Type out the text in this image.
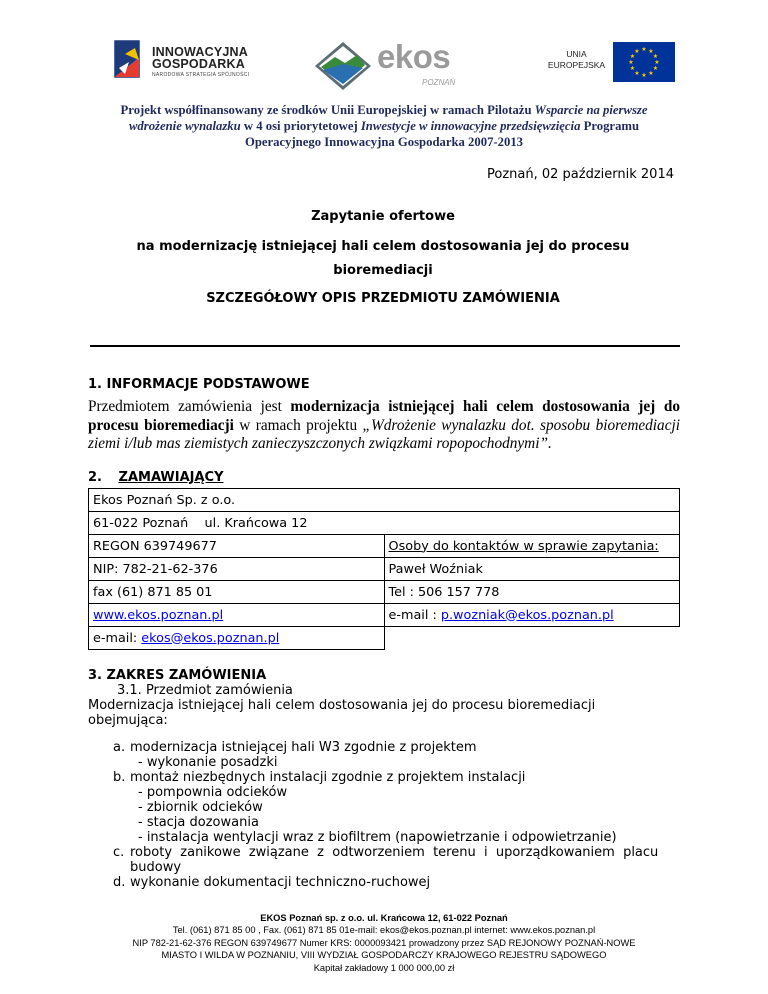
INNOWACYJNA
GOSPODARKA
NARODOWA STRATEGIA SPÓJNOŚCI	ekos
POZNAŃ
UNIA
EUROPEJSKA
★ ★
★
★
★
★
★
★
★
★
★
★
Projekt współfinansowany ze środków Unii Europejskiej w ramach Pilotażu Wsparcie na pierwsze
wdrożenie wynalazku w 4 osi priorytetowej Inwestycje w innowacyjne przedsięwzięcia Programu
Operacyjnego Innowacyjna Gospodarka 2007-2013
Poznań, 02 październik 2014
Zapytanie ofertowe
na modernizację istniejącej hali celem dostosowania jej do procesu
bioremediacji
SZCZEGÓŁOWY OPIS PRZEDMIOTU ZAMÓWIENIA
1. INFORMACJE PODSTAWOWE
Przedmiotem zamówienia jest modernizacja istniejącej hali celem dostosowania jej do procesu bioremediacji w ramach projektu „Wdrożenie wynalazku dot. sposobu bioremediacji ziemi i/lub mas ziemistych zanieczyszczonych związkami ropopochodnymi”.
2. ZAMAWIAJĄCY
Ekos Poznań Sp. z o.o.	
61-022 Poznań    ul. Krańcowa 12	
REGON 639749677	Osoby do kontaktów w sprawie zapytania:
NIP: 782-21-62-376	Paweł Woźniak
fax (61) 871 85 01	Tel : 506 157 778
www.ekos.poznan.pl	e-mail : p.wozniak@ekos.poznan.pl
e-mail: ekos@ekos.poznan.pl	
3. ZAKRES ZAMÓWIENIA
3.1. Przedmiot zamówienia
Modernizacja istniejącej hali celem dostosowania jej do procesu bioremediacji
obejmująca:
a. modernizacja istniejącej hali W3 zgodnie z projektem
- wykonanie posadzki
b. montaż niezbędnych instalacji zgodnie z projektem instalacji
- pompownia odcieków
- zbiornik odcieków
- stacja dozowania
- instalacja wentylacji wraz z biofiltrem (napowietrzanie i odpowietrzanie)
c. roboty  zanikowe  związane  z  odtworzeniem  terenu  i  uporządkowaniem  placu
budowy
d. wykonanie dokumentacji techniczno-ruchowej
EKOS Poznań sp. z o.o. ul. Krańcowa 12, 61-022 Poznań
Tel. (061) 871 85 00 , Fax. (061) 871 85 01e-mail: ekos@ekos.poznan.pl internet: www.ekos.poznan.pl
NIP 782-21-62-376 REGON 639749677 Numer KRS: 0000093421 prowadzony przez SĄD REJONOWY POZNAŃ-NOWE
MIASTO I WILDA W POZNANIU, VIII WYDZIAŁ GOSPODARCZY KRAJOWEGO REJESTRU SĄDOWEGO
Kapitał zakładowy 1 000 000,00 zł
